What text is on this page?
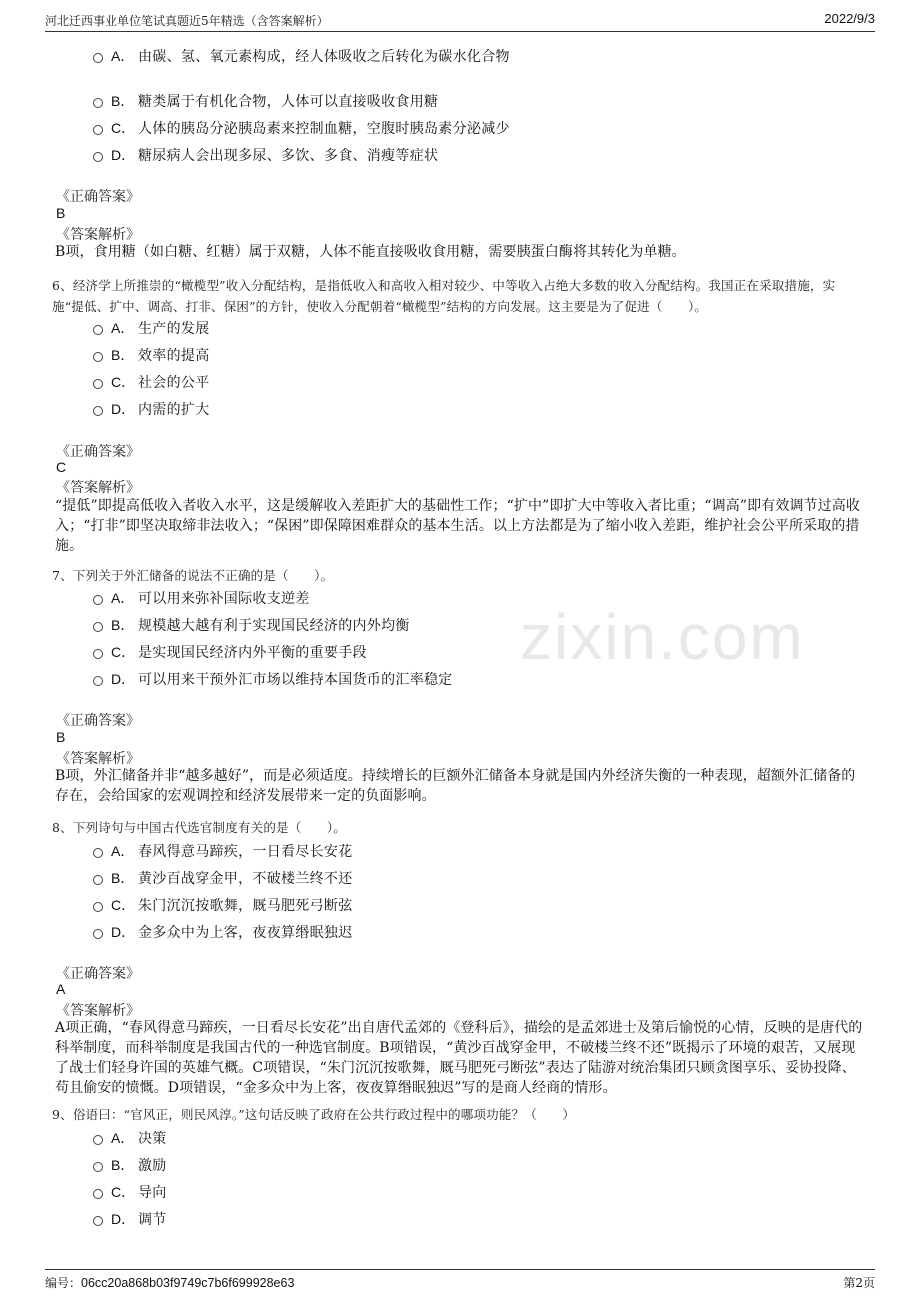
河北迁西事业单位笔试真题近5年精选（含答案解析）	2022/9/3
zixin.com
A． 由碳、氢、氧元素构成，经人体吸收之后转化为碳水化合物
B． 糖类属于有机化合物，人体可以直接吸收食用糖
C． 人体的胰岛分泌胰岛素来控制血糖，空腹时胰岛素分泌减少
D． 糖尿病人会出现多尿、多饮、多食、消瘦等症状
《正确答案》
B
《答案解析》
B项，食用糖（如白糖、红糖）属于双糖，人体不能直接吸收食用糖，需要胰蛋白酶将其转化为单糖。
6、经济学上所推崇的“橄榄型”收入分配结构，是指低收入和高收入相对较少、中等收入占绝大多数的收入分配结构。我国正在采取措施，实施“提低、扩中、调高、打非、保困”的方针，使收入分配朝着“橄榄型”结构的方向发展。这主要是为了促进（　　）。
A． 生产的发展
B． 效率的提高
C． 社会的公平
D． 内需的扩大
《正确答案》
C
《答案解析》
“提低”即提高低收入者收入水平，这是缓解收入差距扩大的基础性工作；“扩中”即扩大中等收入者比重；“调高”即有效调节过高收入；“打非”即坚决取缔非法收入；“保困”即保障困难群众的基本生活。以上方法都是为了缩小收入差距，维护社会公平所采取的措施。
7、下列关于外汇储备的说法不正确的是（　　）。
A． 可以用来弥补国际收支逆差
B． 规模越大越有利于实现国民经济的内外均衡
C． 是实现国民经济内外平衡的重要手段
D． 可以用来干预外汇市场以维持本国货币的汇率稳定
《正确答案》
B
《答案解析》
B项，外汇储备并非“越多越好”，而是必须适度。持续增长的巨额外汇储备本身就是国内外经济失衡的一种表现，超额外汇储备的存在，会给国家的宏观调控和经济发展带来一定的负面影响。
8、下列诗句与中国古代选官制度有关的是（　　）。
A． 春风得意马蹄疾，一日看尽长安花
B． 黄沙百战穿金甲，不破楼兰终不还
C． 朱门沉沉按歌舞，厩马肥死弓断弦
D． 金多众中为上客，夜夜算缗眠独迟
《正确答案》
A
《答案解析》
A项正确，“春风得意马蹄疾，一日看尽长安花”出自唐代孟郊的《登科后》，描绘的是孟郊进士及第后愉悦的心情，反映的是唐代的科举制度，而科举制度是我国古代的一种选官制度。B项错误，“黄沙百战穿金甲，不破楼兰终不还”既揭示了环境的艰苦，又展现了战士们轻身许国的英雄气概。C项错误，“朱门沉沉按歌舞，厩马肥死弓断弦”表达了陆游对统治集团只顾贪图享乐、妥协投降、苟且偷安的愤慨。D项错误，“金多众中为上客，夜夜算缗眠独迟”写的是商人经商的情形。
9、俗语曰：“官风正，则民风淳。”这句话反映了政府在公共行政过程中的哪项功能？（　　）
A． 决策
B． 激励
C． 导向
D． 调节
编号：06cc20a868b03f9749c7b6f699928e63	第2页
